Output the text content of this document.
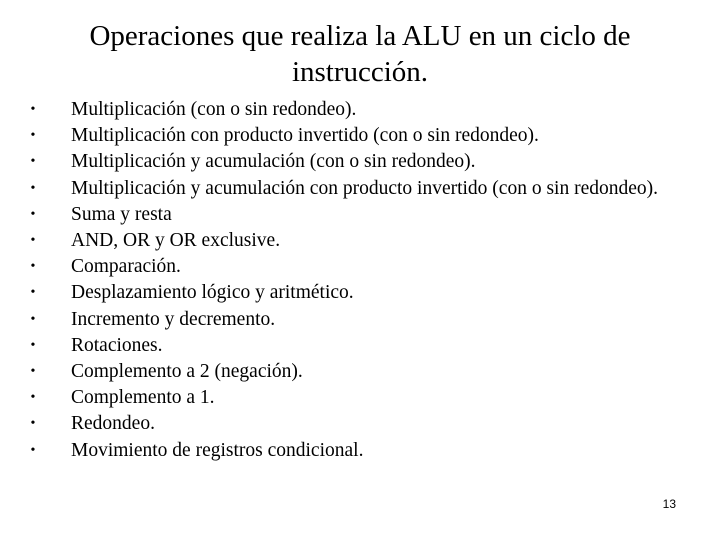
Operaciones que realiza la ALU en un ciclo de instrucción.
• Multiplicación (con o sin redondeo).
• Multiplicación con producto invertido (con o sin redondeo).
• Multiplicación y acumulación (con o sin redondeo).
• Multiplicación y acumulación con producto invertido (con o sin redondeo).
• Suma y resta
• AND, OR y OR exclusive.
• Comparación.
• Desplazamiento lógico y aritmético.
• Incremento y decremento.
• Rotaciones.
• Complemento a 2 (negación).
• Complemento a 1.
• Redondeo.
• Movimiento de registros condicional.
13
